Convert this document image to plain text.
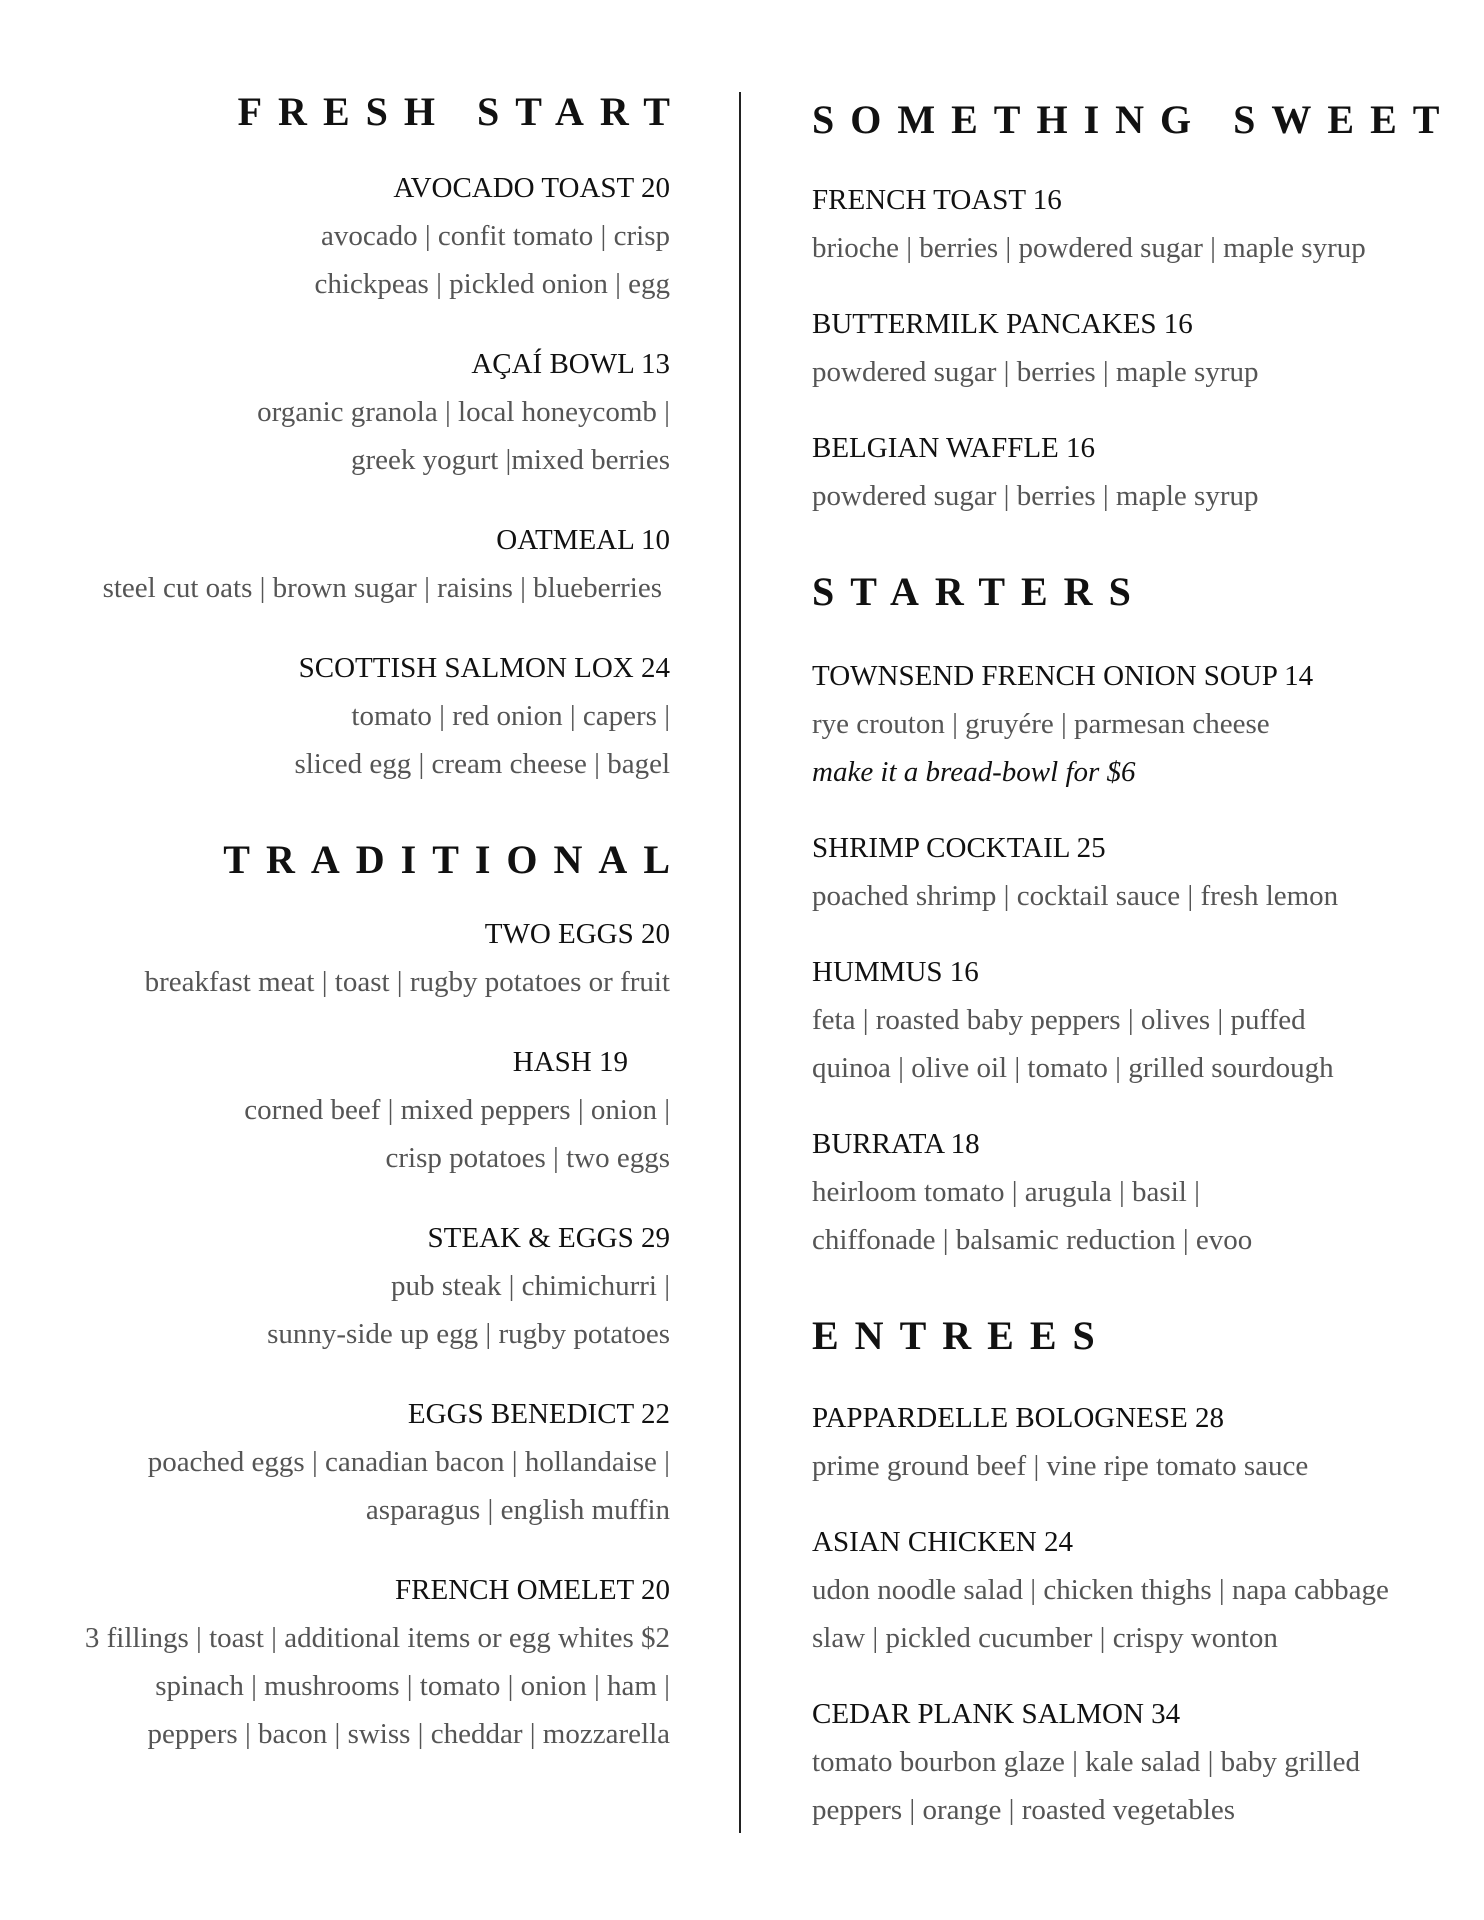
FRESH START
AVOCADO TOAST 20
avocado | confit tomato | crisp
chickpeas | pickled onion | egg
AÇAÍ BOWL 13
organic granola | local honeycomb |
greek yogurt |mixed berries
OATMEAL 10
steel cut oats | brown sugar | raisins | blueberries
SCOTTISH SALMON LOX 24
tomato | red onion | capers |
sliced egg | cream cheese | bagel
TRADITIONAL
TWO EGGS 20
breakfast meat | toast | rugby potatoes or fruit
HASH 19
corned beef | mixed peppers | onion |
crisp potatoes | two eggs
STEAK & EGGS 29
pub steak | chimichurri |
sunny-side up egg | rugby potatoes
EGGS BENEDICT 22
poached eggs | canadian bacon | hollandaise |
asparagus | english muffin
FRENCH OMELET 20
3 fillings | toast | additional items or egg whites $2
spinach | mushrooms | tomato | onion | ham |
peppers | bacon | swiss | cheddar | mozzarella
SOMETHING SWEET
FRENCH TOAST 16
brioche | berries | powdered sugar | maple syrup
BUTTERMILK PANCAKES 16
powdered sugar | berries | maple syrup
BELGIAN WAFFLE 16
powdered sugar | berries | maple syrup
STARTERS
TOWNSEND FRENCH ONION SOUP 14
rye crouton | gruyére | parmesan cheese
make it a bread-bowl for $6
SHRIMP COCKTAIL 25
poached shrimp | cocktail sauce | fresh lemon
HUMMUS 16
feta | roasted baby peppers | olives | puffed
quinoa | olive oil | tomato | grilled sourdough
BURRATA 18
heirloom tomato | arugula | basil |
chiffonade | balsamic reduction | evoo
ENTREES
PAPPARDELLE BOLOGNESE 28
prime ground beef | vine ripe tomato sauce
ASIAN CHICKEN 24
udon noodle salad | chicken thighs | napa cabbage
slaw | pickled cucumber | crispy wonton
CEDAR PLANK SALMON 34
tomato bourbon glaze | kale salad | baby grilled
peppers | orange | roasted vegetables
